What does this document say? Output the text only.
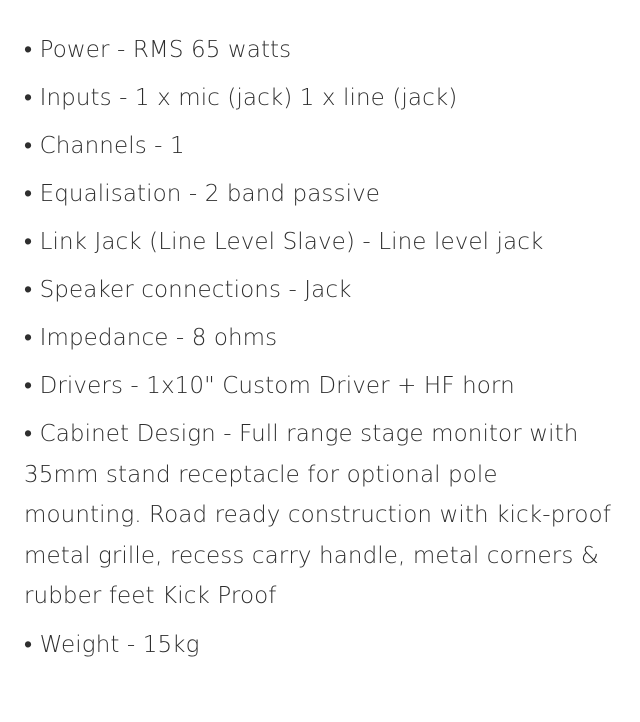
• Power - RMS 65 watts
• Inputs - 1 x mic (jack) 1 x line (jack)
• Channels - 1
• Equalisation - 2 band passive
• Link Jack (Line Level Slave) - Line level jack
• Speaker connections - Jack
• Impedance - 8 ohms
• Drivers - 1x10" Custom Driver + HF horn
• Cabinet Design - Full range stage monitor with 35mm stand receptacle for optional pole mounting. Road ready construction with kick-proof metal grille, recess carry handle, metal corners & rubber feet Kick Proof
• Weight - 15kg
